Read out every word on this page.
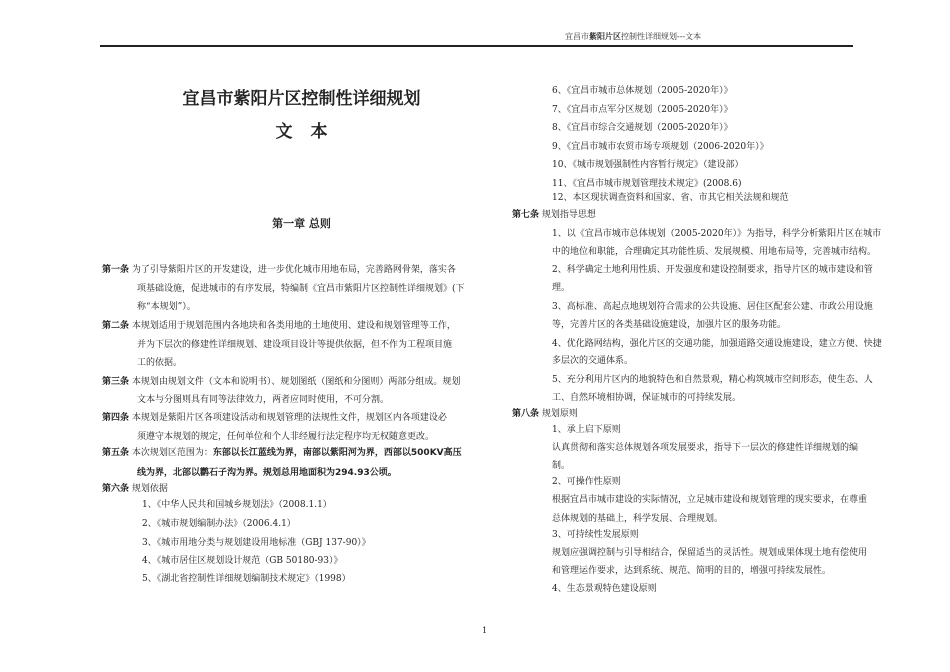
宜昌市紫阳片区控制性详细规划---文本
宜昌市紫阳片区控制性详细规划
文本
第一章 总则
第一条 为了引导紫阳片区的开发建设，进一步优化城市用地布局，完善路网骨架，落实各
项基础设施，促进城市的有序发展，特编制《宜昌市紫阳片区控制性详细规划》(下
称“本规划”）。
第二条 本规划适用于规划范围内各地块和各类用地的土地使用、建设和规划管理等工作，
并为下层次的修建性详细规划、建设项目设计等提供依据，但不作为工程项目施
工的依据。
第三条 本规划由规划文件（文本和说明书）、规划图纸（图纸和分图则）两部分组成。规划
文本与分图则具有同等法律效力，两者应同时使用，不可分割。
第四条 本规划是紫阳片区各项建设活动和规划管理的法规性文件，规划区内各项建设必
须遵守本规划的规定，任何单位和个人非经履行法定程序均无权随意更改。
第五条 本次规划区范围为：东部以长江蓝线为界，南部以紫阳河为界，西部以500KV高压
线为界，北部以鹳石子沟为界。规划总用地面积为294.93公顷。
第六条 规划依据
1、《中华人民共和国城乡规划法》（2008.1.1）
2、《城市规划编制办法》（2006.4.1）
3、《城市用地分类与规划建设用地标准（GBJ 137-90）》
4、《城市居住区规划设计规范（GB 50180-93）》
5、《湖北省控制性详细规划编制技术规定》（1998）
6、《宜昌市城市总体规划（2005-2020年）》
7、《宜昌市点军分区规划（2005-2020年）》
8、《宜昌市综合交通规划（2005-2020年）》
9、《宜昌市城市农贸市场专项规划（2006-2020年）》
10、《城市规划强制性内容暂行规定》（建设部）
11、《宜昌市城市规划管理技术规定》(2008.6)
12、本区现状调查资料和国家、省、市其它相关法规和规范
第七条 规划指导思想
1、以《宜昌市城市总体规划（2005-2020年）》为指导，科学分析紫阳片区在城市
中的地位和职能，合理确定其功能性质、发展规模、用地布局等，完善城市结构。
2、科学确定土地利用性质、开发强度和建设控制要求，指导片区的城市建设和管
理。
3、高标准、高起点地规划符合需求的公共设施、居住区配套公建、市政公用设施
等，完善片区的各类基础设施建设，加强片区的服务功能。
4、优化路网结构，强化片区的交通功能，加强道路交通设施建设，建立方便、快捷
多层次的交通体系。
5、充分利用片区内的地貌特色和自然景观，精心构筑城市空间形态，使生态、人
工、自然环境相协调，保证城市的可持续发展。
第八条 规划原则
1、承上启下原则
认真贯彻和落实总体规划各项发展要求，指导下一层次的修建性详细规划的编
制。
2、可操作性原则
根据宜昌市城市建设的实际情况，立足城市建设和规划管理的现实要求，在尊重
总体规划的基础上，科学发展、合理规划。
3、可持续性发展原则
规划应强调控制与引导相结合，保留适当的灵活性。规划成果体现土地有偿使用
和管理运作要求，达到系统、规范、简明的目的，增强可持续发展性。
4、生态景观特色建设原则
1
